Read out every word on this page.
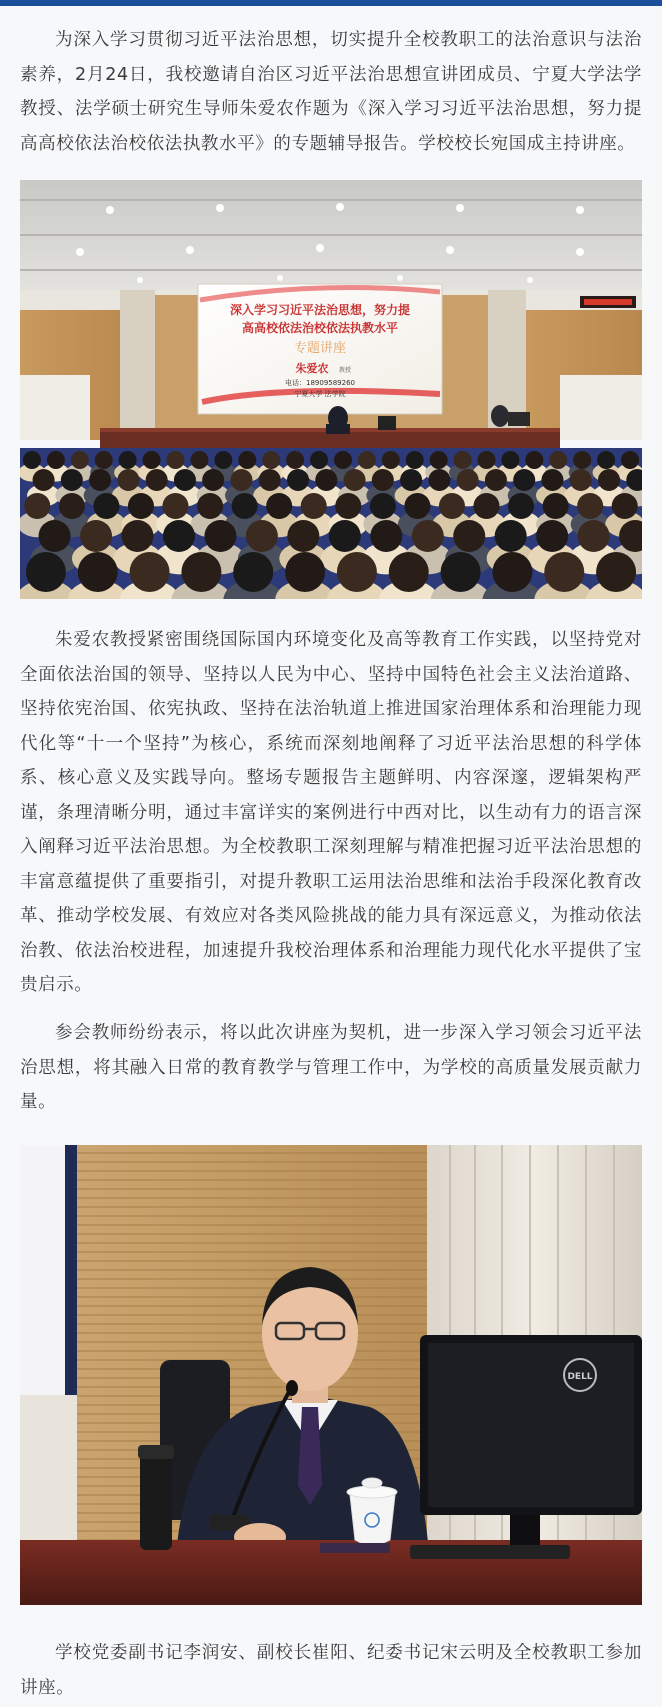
为深入学习贯彻习近平法治思想，切实提升全校教职工的法治意识与法治素养，2月24日，我校邀请自治区习近平法治思想宣讲团成员、宁夏大学法学教授、法学硕士研究生导师朱爱农作题为《深入学习习近平法治思想，努力提高高校依法治校依法执教水平》的专题辅导报告。学校校长宛国成主持讲座。

深入学习习近平法治思想，努力提
高高校依法治校依法执教水平
专题讲座
朱爱农 教授
电话：18909589260
宁夏大学 法学院

朱爱农教授紧密围绕国际国内环境变化及高等教育工作实践，以坚持党对全面依法治国的领导、坚持以人民为中心、坚持中国特色社会主义法治道路、坚持依宪治国、依宪执政、坚持在法治轨道上推进国家治理体系和治理能力现代化等“十一个坚持”为核心，系统而深刻地阐释了习近平法治思想的科学体系、核心意义及实践导向。整场专题报告主题鲜明、内容深邃，逻辑架构严谨，条理清晰分明，通过丰富详实的案例进行中西对比，以生动有力的语言深入阐释习近平法治思想。为全校教职工深刻理解与精准把握习近平法治思想的丰富意蕴提供了重要指引，对提升教职工运用法治思维和法治手段深化教育改革、推动学校发展、有效应对各类风险挑战的能力具有深远意义，为推动依法治教、依法治校进程，加速提升我校治理体系和治理能力现代化水平提供了宝贵启示。

参会教师纷纷表示，将以此次讲座为契机，进一步深入学习领会习近平法治思想，将其融入日常的教育教学与管理工作中，为学校的高质量发展贡献力量。

DELL

学校党委副书记李润安、副校长崔阳、纪委书记宋云明及全校教职工参加讲座。
